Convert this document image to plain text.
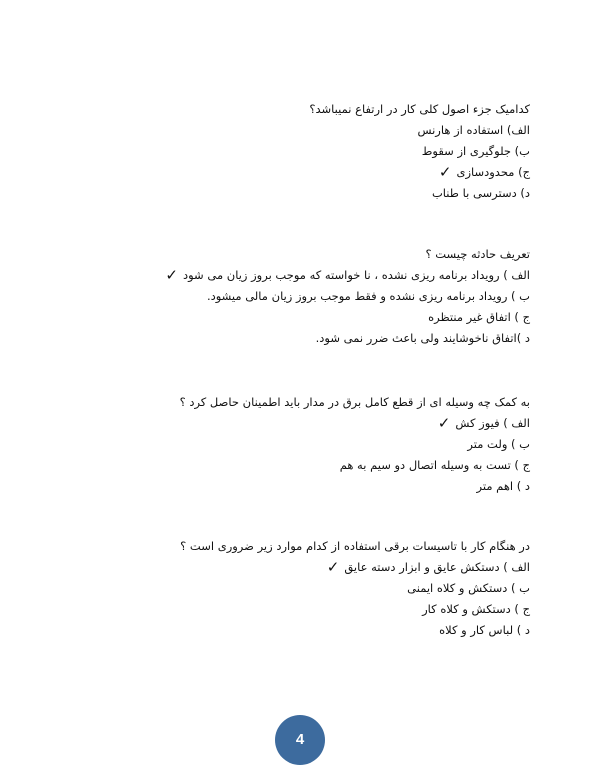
کدامیک جزء اصول کلی کار در ارتفاع نمیباشد؟
الف) استفاده از هارنس
ب) جلوگیری از سقوط
ج) محدودسازی✓
د) دسترسی با طناب
تعریف حادثه چیست ؟
الف ) رویداد برنامه ریزی نشده ، نا خواسته که موجب بروز زیان می شود✓
ب ) رویداد برنامه ریزی نشده و فقط موجب بروز زیان مالی میشود.
ج ) اتفاق غیر منتظره
د )اتفاق ناخوشایند ولی باعث ضرر نمی شود.
به کمک چه وسیله ای از قطع کامل برق در مدار باید اطمینان حاصل کرد ؟
الف ) فیوز کش✓
ب ) ولت متر
ج ) تست به وسیله اتصال دو سیم به هم
د ) اهم متر
در هنگام کار با تاسیسات برقی استفاده از کدام موارد زیر ضروری است ؟
الف ) دستکش عایق و ابزار دسته عایق✓
ب ) دستکش و کلاه ایمنی
ج ) دستکش و کلاه کار
د ) لباس کار و کلاه
4
